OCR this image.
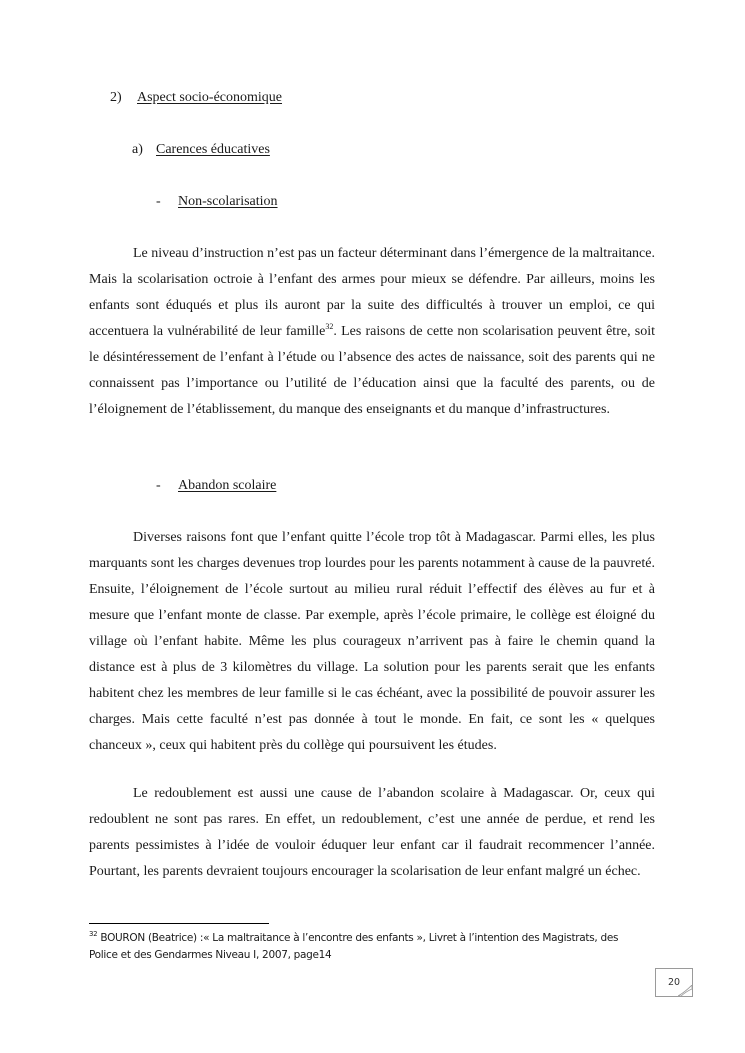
2) Aspect socio-économique
a) Carences éducatives
- Non-scolarisation

Le niveau d’instruction n’est pas un facteur déterminant dans l’émergence de la maltraitance. Mais la scolarisation octroie à l’enfant des armes pour mieux se défendre. Par ailleurs, moins les enfants sont éduqués et plus ils auront par la suite des difficultés à trouver un emploi, ce qui accentuera la vulnérabilité de leur famille$^{32}$. Les raisons de cette non scolarisation peuvent être, soit le désintéressement de l’enfant à l’étude ou l’absence des actes de naissance, soit des parents qui ne connaissent pas l’importance ou l’utilité de l’éducation ainsi que la faculté des parents, ou de l’éloignement de l’établissement, du manque des enseignants et du manque d’infrastructures.

- Abandon scolaire

Diverses raisons font que l’enfant quitte l’école trop tôt à Madagascar. Parmi elles, les plus marquants sont les charges devenues trop lourdes pour les parents notamment à cause de la pauvreté. Ensuite, l’éloignement de l’école surtout au milieu rural réduit l’effectif des élèves au fur et à mesure que l’enfant monte de classe. Par exemple, après l’école primaire, le collège est éloigné du village où l’enfant habite. Même les plus courageux n’arrivent pas à faire le chemin quand la distance est à plus de 3 kilomètres du village. La solution pour les parents serait que les enfants habitent chez les membres de leur famille si le cas échéant, avec la possibilité de pouvoir assurer les charges. Mais cette faculté n’est pas donnée à tout le monde. En fait, ce sont les « quelques chanceux », ceux qui habitent près du collège qui poursuivent les études.

Le redoublement est aussi une cause de l’abandon scolaire à Madagascar. Or, ceux qui redoublent ne sont pas rares. En effet, un redoublement, c’est une année de perdue, et rend les parents pessimistes à l’idée de vouloir éduquer leur enfant car il faudrait recommencer l’année. Pourtant, les parents devraient toujours encourager la scolarisation de leur enfant malgré un échec.

$^{32}$ BOURON (Beatrice) :« La maltraitance à l’encontre des enfants », Livret à l’intention des Magistrats, des Police et des Gendarmes Niveau I, 2007, page14
20
